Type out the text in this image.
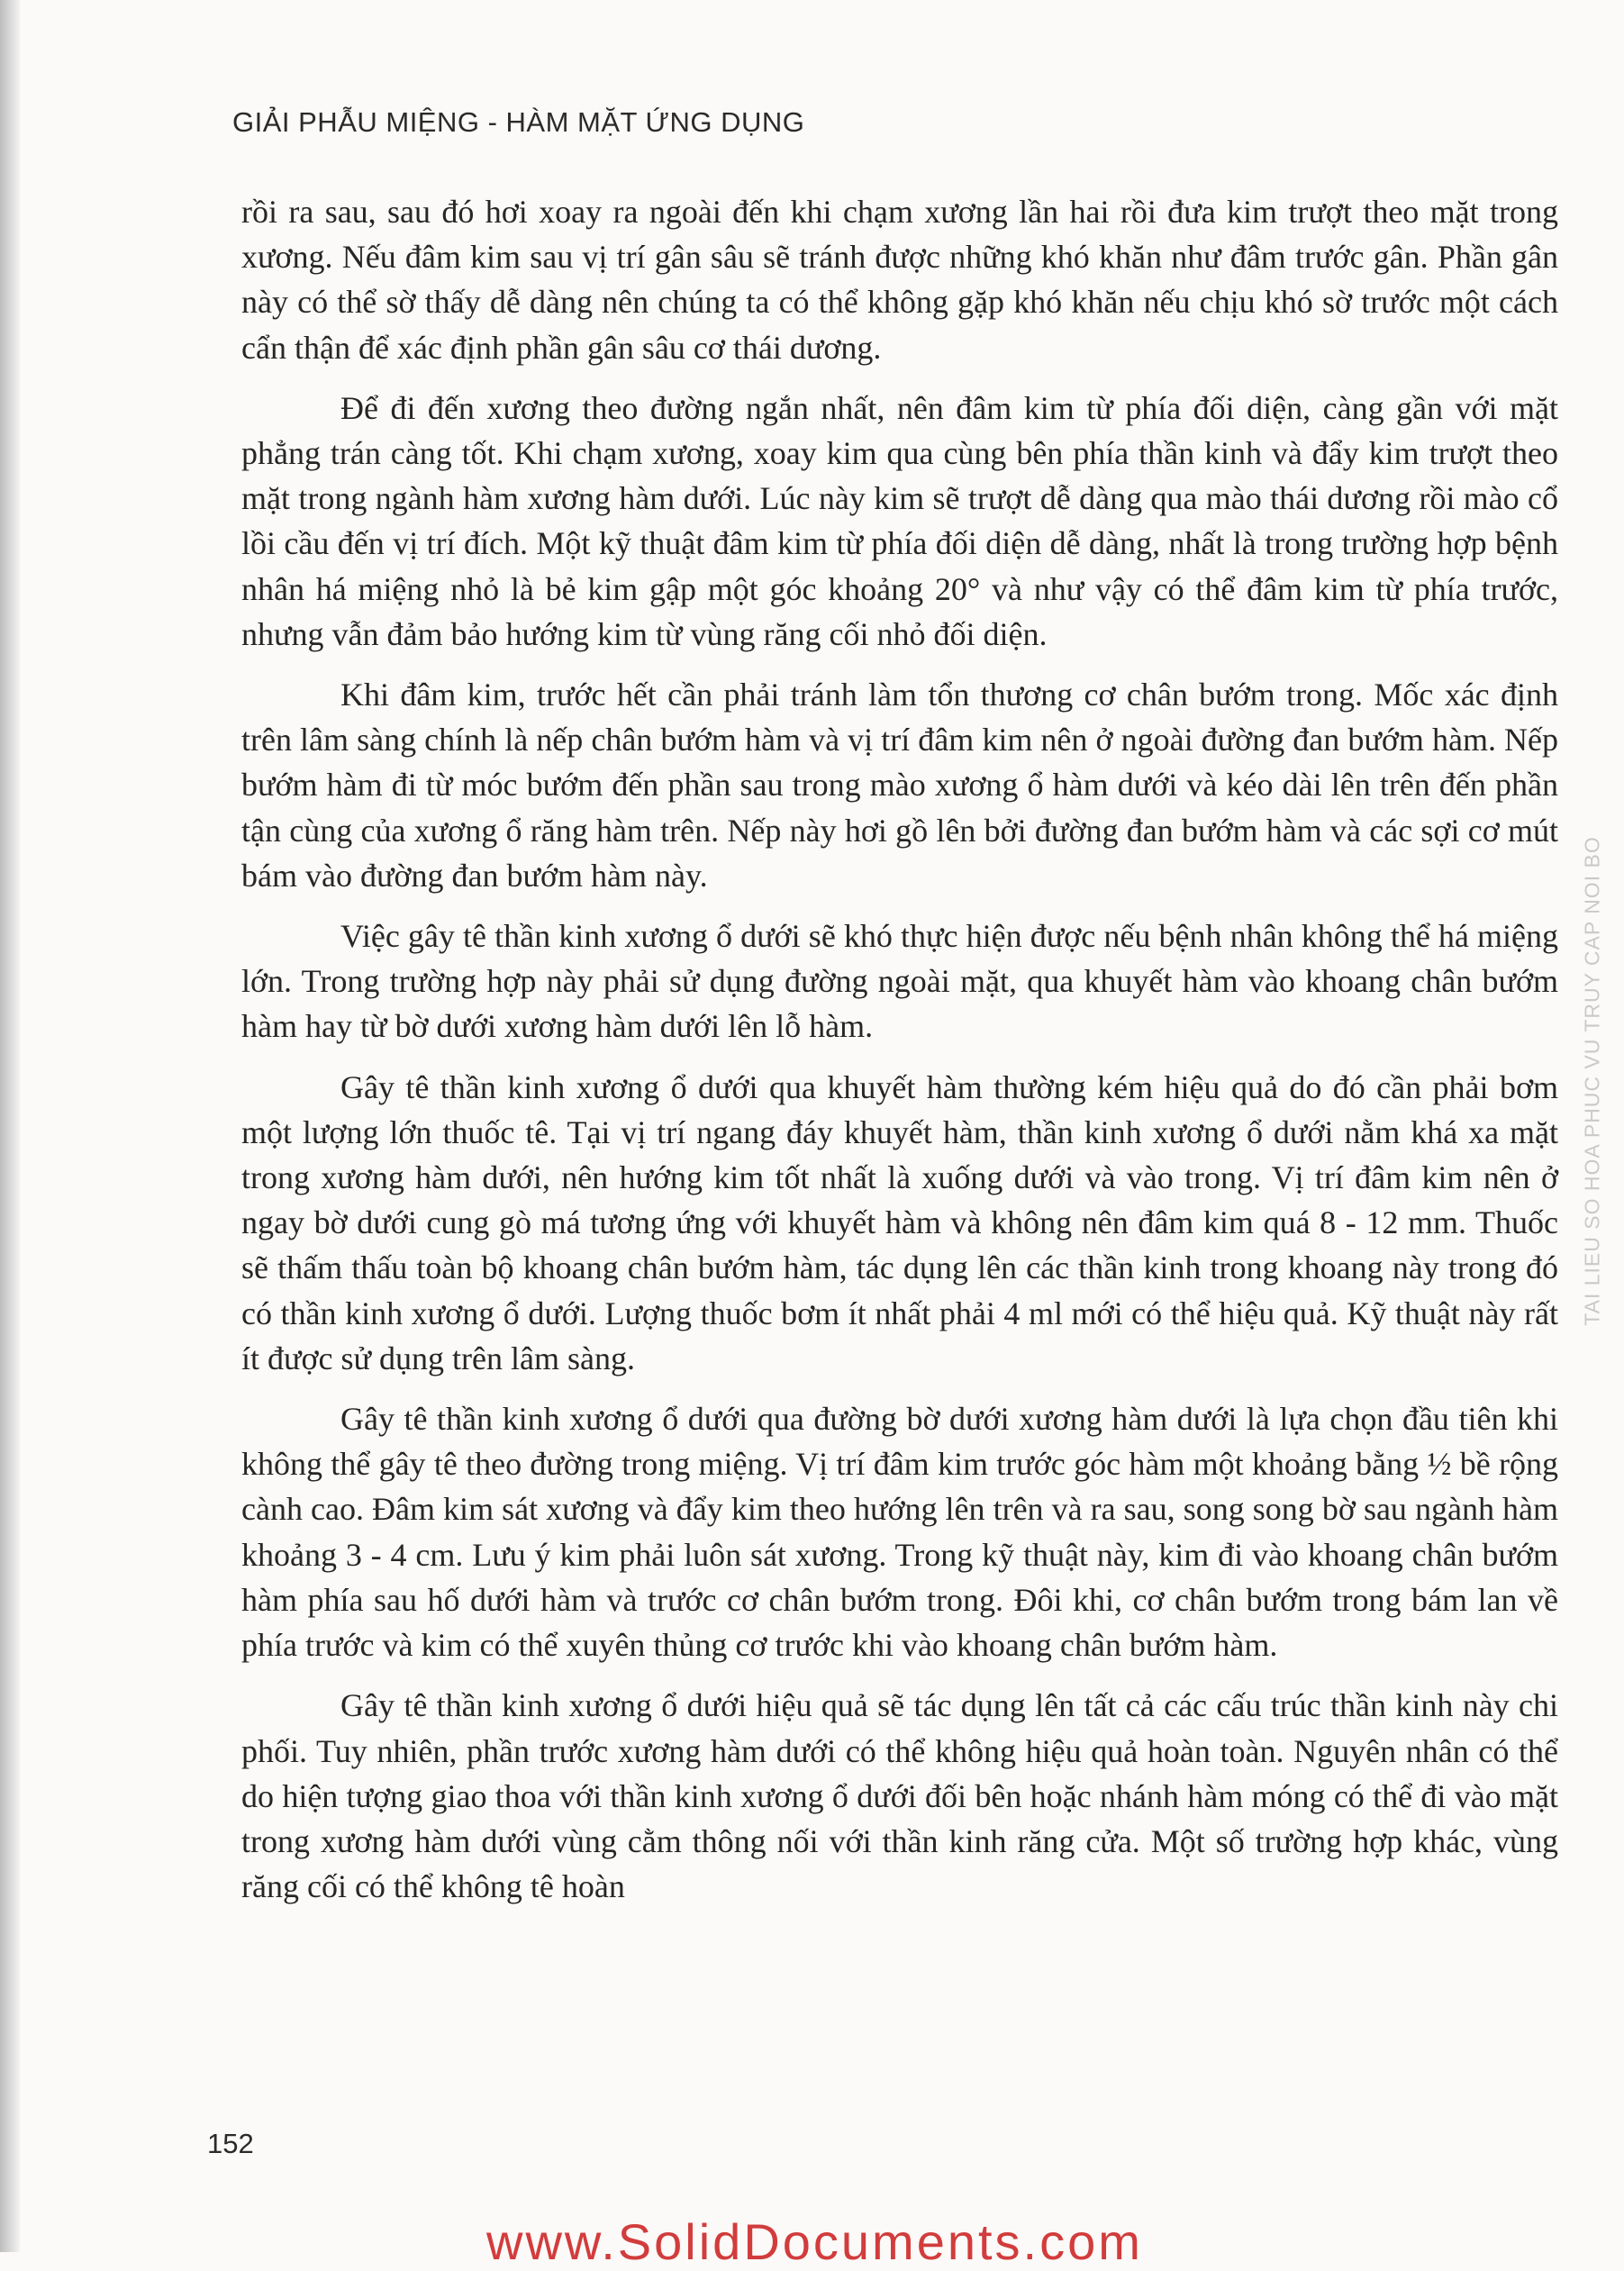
GIẢI PHẪU MIỆNG - HÀM MẶT ỨNG DỤNG

rồi ra sau, sau đó hơi xoay ra ngoài đến khi chạm xương lần hai rồi đưa kim trượt theo mặt trong xương. Nếu đâm kim sau vị trí gân sâu sẽ tránh được những khó khăn như đâm trước gân. Phần gân này có thể sờ thấy dễ dàng nên chúng ta có thể không gặp khó khăn nếu chịu khó sờ trước một cách cẩn thận để xác định phần gân sâu cơ thái dương.

Để đi đến xương theo đường ngắn nhất, nên đâm kim từ phía đối diện, càng gần với mặt phẳng trán càng tốt. Khi chạm xương, xoay kim qua cùng bên phía thần kinh và đẩy kim trượt theo mặt trong ngành hàm xương hàm dưới. Lúc này kim sẽ trượt dễ dàng qua mào thái dương rồi mào cổ lồi cầu đến vị trí đích. Một kỹ thuật đâm kim từ phía đối diện dễ dàng, nhất là trong trường hợp bệnh nhân há miệng nhỏ là bẻ kim gập một góc khoảng 20° và như vậy có thể đâm kim từ phía trước, nhưng vẫn đảm bảo hướng kim từ vùng răng cối nhỏ đối diện.

Khi đâm kim, trước hết cần phải tránh làm tổn thương cơ chân bướm trong. Mốc xác định trên lâm sàng chính là nếp chân bướm hàm và vị trí đâm kim nên ở ngoài đường đan bướm hàm. Nếp bướm hàm đi từ móc bướm đến phần sau trong mào xương ổ hàm dưới và kéo dài lên trên đến phần tận cùng của xương ổ răng hàm trên. Nếp này hơi gồ lên bởi đường đan bướm hàm và các sợi cơ mút bám vào đường đan bướm hàm này.

Việc gây tê thần kinh xương ổ dưới sẽ khó thực hiện được nếu bệnh nhân không thể há miệng lớn. Trong trường hợp này phải sử dụng đường ngoài mặt, qua khuyết hàm vào khoang chân bướm hàm hay từ bờ dưới xương hàm dưới lên lỗ hàm.

Gây tê thần kinh xương ổ dưới qua khuyết hàm thường kém hiệu quả do đó cần phải bơm một lượng lớn thuốc tê. Tại vị trí ngang đáy khuyết hàm, thần kinh xương ổ dưới nằm khá xa mặt trong xương hàm dưới, nên hướng kim tốt nhất là xuống dưới và vào trong. Vị trí đâm kim nên ở ngay bờ dưới cung gò má tương ứng với khuyết hàm và không nên đâm kim quá 8 - 12 mm. Thuốc sẽ thấm thấu toàn bộ khoang chân bướm hàm, tác dụng lên các thần kinh trong khoang này trong đó có thần kinh xương ổ dưới. Lượng thuốc bơm ít nhất phải 4 ml mới có thể hiệu quả. Kỹ thuật này rất ít được sử dụng trên lâm sàng.

Gây tê thần kinh xương ổ dưới qua đường bờ dưới xương hàm dưới là lựa chọn đầu tiên khi không thể gây tê theo đường trong miệng. Vị trí đâm kim trước góc hàm một khoảng bằng ½ bề rộng cành cao. Đâm kim sát xương và đẩy kim theo hướng lên trên và ra sau, song song bờ sau ngành hàm khoảng 3 - 4 cm. Lưu ý kim phải luôn sát xương. Trong kỹ thuật này, kim đi vào khoang chân bướm hàm phía sau hố dưới hàm và trước cơ chân bướm trong. Đôi khi, cơ chân bướm trong bám lan về phía trước và kim có thể xuyên thủng cơ trước khi vào khoang chân bướm hàm.

Gây tê thần kinh xương ổ dưới hiệu quả sẽ tác dụng lên tất cả các cấu trúc thần kinh này chi phối. Tuy nhiên, phần trước xương hàm dưới có thể không hiệu quả hoàn toàn. Nguyên nhân có thể do hiện tượng giao thoa với thần kinh xương ổ dưới đối bên hoặc nhánh hàm móng có thể đi vào mặt trong xương hàm dưới vùng cằm thông nối với thần kinh răng cửa. Một số trường hợp khác, vùng răng cối có thể không tê hoàn

TAI LIEU SO HOA PHUC VU TRUY CAP NOI BO
152
www.SolidDocuments.com
